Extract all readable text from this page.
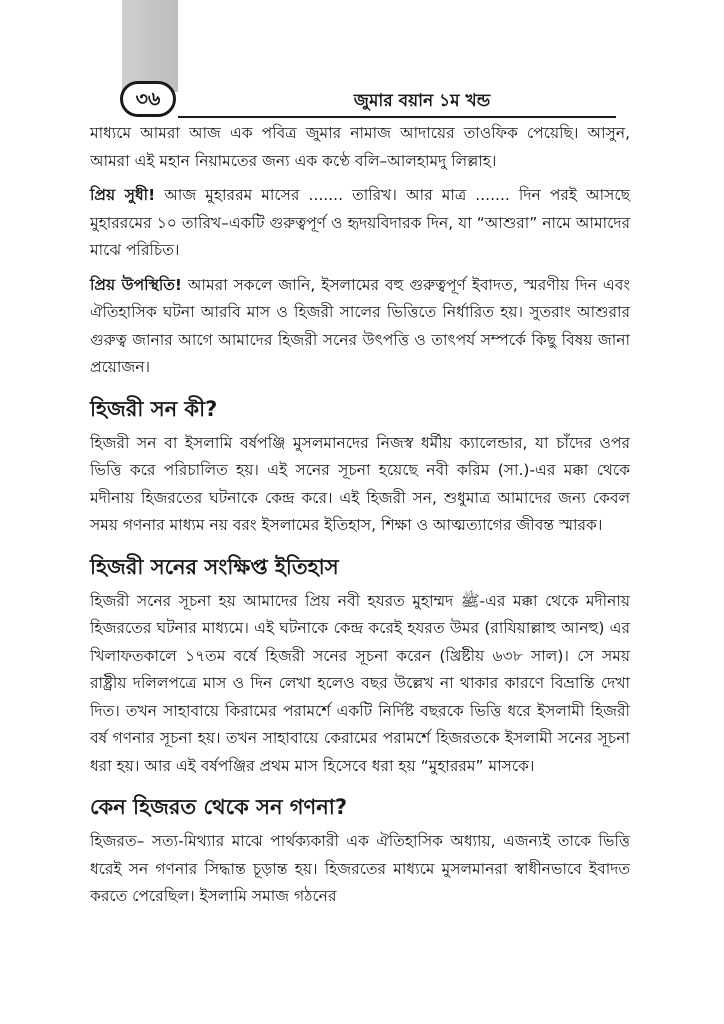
৩৬	জুমার বয়ান ১ম খন্ড

মাধ্যমে আমরা আজ এক পবিত্র জুমার নামাজ আদায়ের তাওফিক পেয়েছি। আসুন, আমরা এই মহান নিয়ামতের জন্য এক কণ্ঠে বলি–আলহামদু লিল্লাহ।

প্রিয় সুধী! আজ মুহাররম মাসের ....... তারিখ। আর মাত্র ....... দিন পরই আসছে মুহাররমের ১০ তারিখ–একটি গুরুত্বপূর্ণ ও হৃদয়বিদারক দিন, যা “আশুরা” নামে আমাদের মাঝে পরিচিত।

প্রিয় উপস্থিতি! আমরা সকলে জানি, ইসলামের বহু গুরুত্বপূর্ণ ইবাদত, স্মরণীয় দিন এবং ঐতিহাসিক ঘটনা আরবি মাস ও হিজরী সালের ভিত্তিতে নির্ধারিত হয়। সুতরাং আশুরার গুরুত্ব জানার আগে আমাদের হিজরী সনের উৎপত্তি ও তাৎপর্য সম্পর্কে কিছু বিষয় জানা প্রয়োজন।

হিজরী সন কী?

হিজরী সন বা ইসলামি বর্ষপঞ্জি মুসলমানদের নিজস্ব ধর্মীয় ক্যালেন্ডার, যা চাঁদের ওপর ভিত্তি করে পরিচালিত হয়। এই সনের সূচনা হয়েছে নবী করিম (সা.)-এর মক্কা থেকে মদীনায় হিজরতের ঘটনাকে কেন্দ্র করে। এই হিজরী সন, শুধুমাত্র আমাদের জন্য কেবল সময় গণনার মাধ্যম নয় বরং ইসলামের ইতিহাস, শিক্ষা ও আত্মত্যাগের জীবন্ত স্মারক।

হিজরী সনের সংক্ষিপ্ত ইতিহাস

হিজরী সনের সূচনা হয় আমাদের প্রিয় নবী হযরত মুহাম্মদ ﷺ-এর মক্কা থেকে মদীনায় হিজরতের ঘটনার মাধ্যমে। এই ঘটনাকে কেন্দ্র করেই হযরত উমর (রাযিয়াল্লাহু আনহু) এর খিলাফতকালে ১৭তম বর্ষে হিজরী সনের সূচনা করেন (খ্রিষ্টীয় ৬৩৮ সাল)। সে সময় রাষ্ট্রীয় দলিলপত্রে মাস ও দিন লেখা হলেও বছর উল্লেখ না থাকার কারণে বিভ্রান্তি দেখা দিত। তখন সাহাবায়ে কিরামের পরামর্শে একটি নির্দিষ্ট বছরকে ভিত্তি ধরে ইসলামী হিজরী বর্ষ গণনার সূচনা হয়। তখন সাহাবায়ে কেরামের পরামর্শে হিজরতকে ইসলামী সনের সূচনা ধরা হয়। আর এই বর্ষপঞ্জির প্রথম মাস হিসেবে ধরা হয় “মুহাররম” মাসকে।

কেন হিজরত থেকে সন গণনা?

হিজরত– সত্য-মিথ্যার মাঝে পার্থক্যকারী এক ঐতিহাসিক অধ্যায়, এজন্যই তাকে ভিত্তি ধরেই সন গণনার সিদ্ধান্ত চূড়ান্ত হয়। হিজরতের মাধ্যমে মুসলমানরা স্বাধীনভাবে ইবাদত করতে পেরেছিল। ইসলামি সমাজ গঠনের
